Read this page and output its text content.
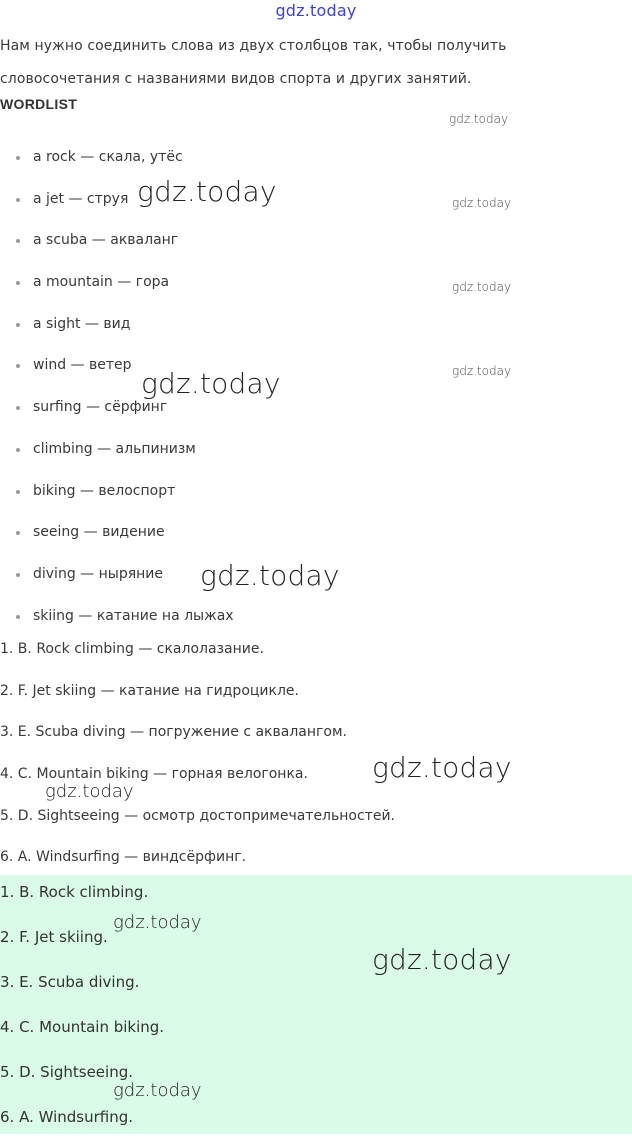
gdz.today
Нам нужно соединить слова из двух столбцов так, чтобы получить словосочетания с названиями видов спорта и других занятий.
WORDLIST
a rock — скала, утёс
a jet — струя
a scuba — акваланг
a mountain — гора
a sight — вид
wind — ветер
surfing — сёрфинг
climbing — альпинизм
biking — велоспорт
seeing — видение
diving — ныряние
skiing — катание на лыжах
1. B. Rock climbing — скалолазание.
2. F. Jet skiing — катание на гидроцикле.
3. E. Scuba diving — погружение с аквалангом.
4. C. Mountain biking — горная велогонка.
5. D. Sightseeing — осмотр достопримечательностей.
6. A. Windsurfing — виндсёрфинг.
1. B. Rock climbing.
2. F. Jet skiing.
3. E. Scuba diving.
4. C. Mountain biking.
5. D. Sightseeing.
6. A. Windsurfing.
gdz.today
gdz.today
gdz.today
gdz.today
gdz.today
gdz.today
gdz.today
gdz.today
gdz.today
gdz.today
gdz.today
gdz.today
